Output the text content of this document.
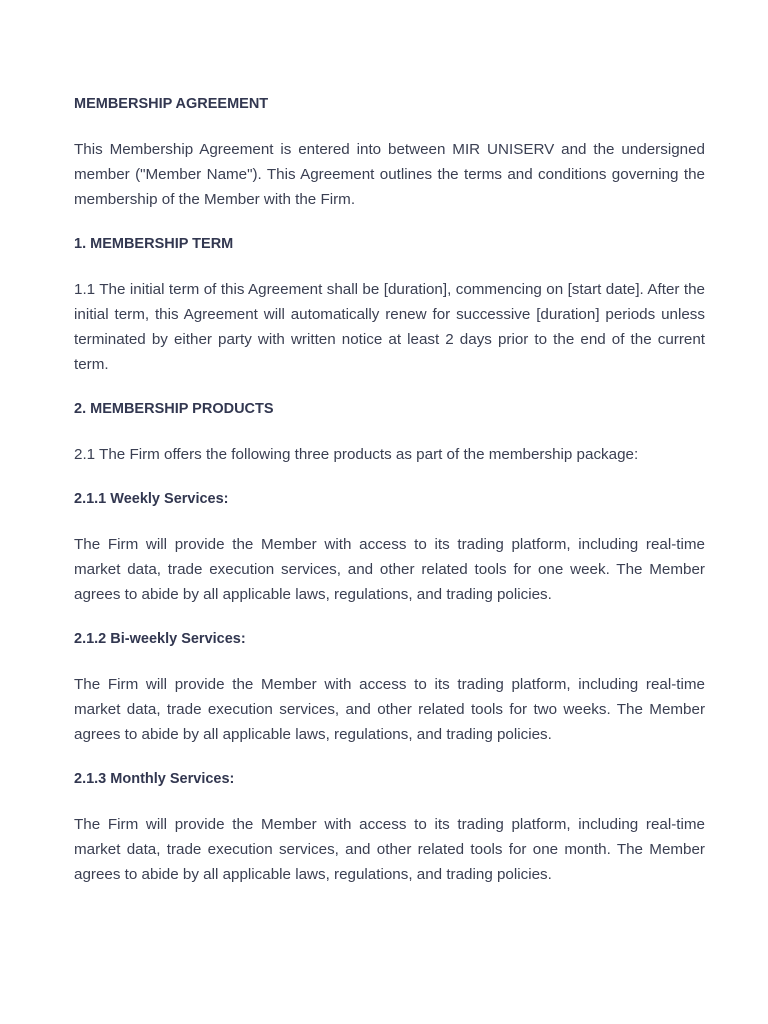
MEMBERSHIP AGREEMENT

This Membership Agreement is entered into between MIR UNISERV and the undersigned member ("Member Name"). This Agreement outlines the terms and conditions governing the membership of the Member with the Firm.

1. MEMBERSHIP TERM

1.1 The initial term of this Agreement shall be [duration], commencing on [start date]. After the initial term, this Agreement will automatically renew for successive [duration] periods unless terminated by either party with written notice at least 2 days prior to the end of the current term.

2. MEMBERSHIP PRODUCTS

2.1 The Firm offers the following three products as part of the membership package:

2.1.1 Weekly Services:

The Firm will provide the Member with access to its trading platform, including real-time market data, trade execution services, and other related tools for one week. The Member agrees to abide by all applicable laws, regulations, and trading policies.

2.1.2 Bi-weekly Services:

The Firm will provide the Member with access to its trading platform, including real-time market data, trade execution services, and other related tools for two weeks. The Member agrees to abide by all applicable laws, regulations, and trading policies.

2.1.3 Monthly Services:

The Firm will provide the Member with access to its trading platform, including real-time market data, trade execution services, and other related tools for one month. The Member agrees to abide by all applicable laws, regulations, and trading policies.
